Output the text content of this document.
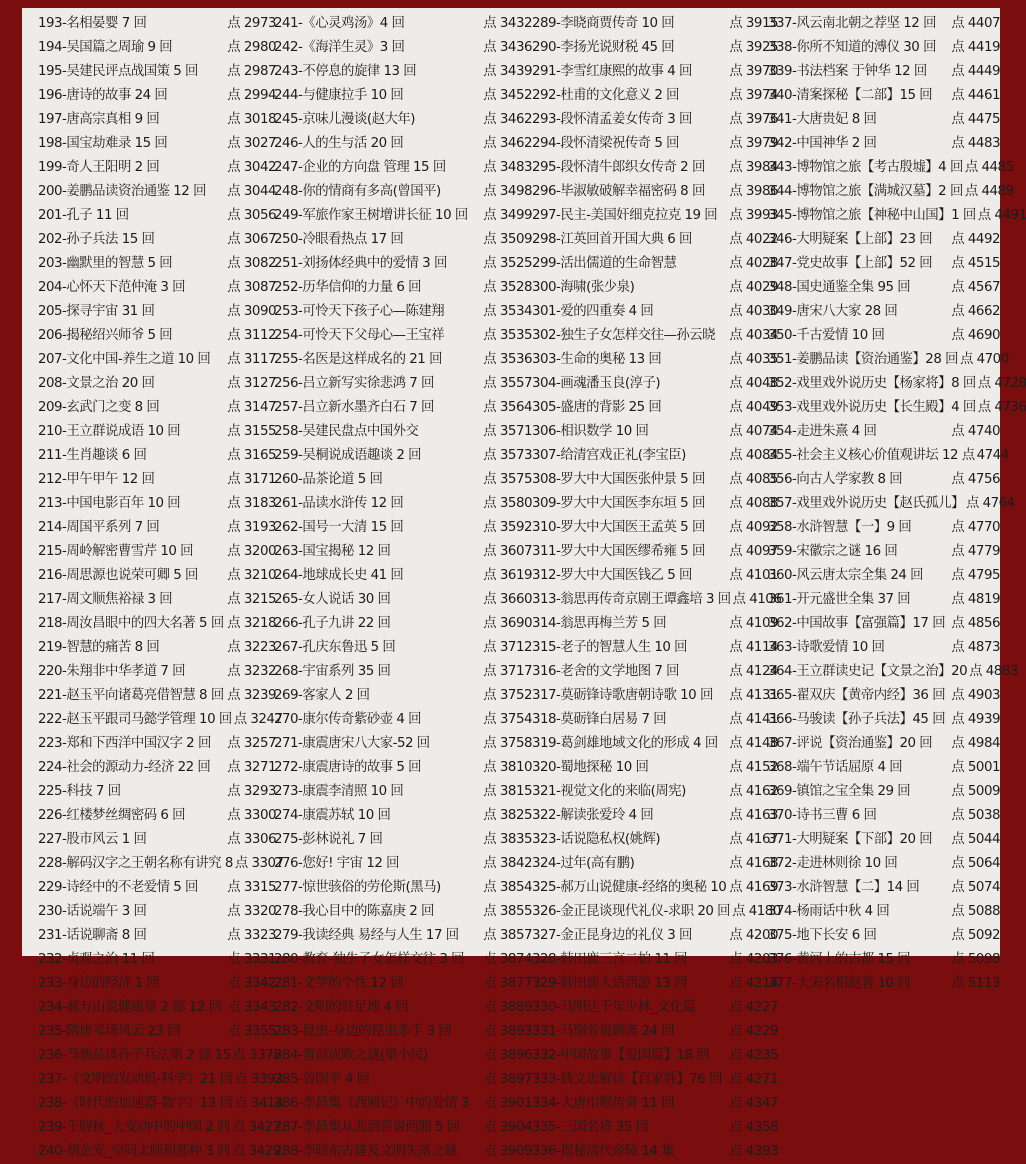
193-名相晏婴 7 回	点 2973
194-吴国篇之周瑜 9 回	点 2980
195-吴建民评点战国策 5 回 点 2987
196-唐诗的故事 24 回	点 2994
197-唐高宗真相 9 回	点 3018
198-国宝劫难录 15 回	点 3027
199-奇人王阳明 2 回	点 3042
200-姜鹏品读资治通鉴 12 回 点 3044
201-孔子 11 回	点 3056
202-孙子兵法 15 回	点 3067
203-幽默里的智慧 5 回	点 3082
204-心怀天下范仲淹 3 回	点 3087
205-探寻宇宙 31 回	点 3090
206-揭秘绍兴师爷 5 回	点 3112
207-文化中国-养生之道 10 回 点 3117
208-文景之治 20 回	点 3127
209-玄武门之变 8 回	点 3147
210-王立群说成语 10 回	点 3155
211-生肖趣谈 6 回	点 3165
212-甲午甲午 12 回	点 3171
213-中国电影百年 10 回	点 3183
214-周国平系列 7 回	点 3193
215-周岭解密曹雪芹 10 回	点 3200
216-周思源也说荣可卿 5 回 点 3210
217-周文顺焦裕禄 3 回	点 3215
218-周汝昌眼中的四大名著 5 回 点 3218
219-智慧的痛苦 8 回	点 3223
220-朱翔非中华孝道 7 回	点 3232
221-赵玉平向诸葛亮借智慧 8 回 点 3239
222-赵玉平跟司马懿学管理 10 回 点 3247
223-郑和下西洋中国汉字 2 回 点 3257
224-社会的源动力-经济 22 回 点 3271
225-科技 7 回	点 3293
226-红楼梦丝绸密码 6 回	点 3300
227-股市风云 1 回	点 3306
228-解码汉字之王朝名称有讲究 8 点 3307
229-诗经中的不老爱情 5 回 点 3315
230-话说端午 3 回	点 3320
231-话说聊斋 8 回	点 3323
232-贞观之治 11 回	点 3331
233-身边的经济 1 回	点 3342
234-郝万山说健康第 2 部 12 回 点 3343
235-隋唐考场风云 23 回	点 3355
236-马骏品读孙子兵法第 2 部 15 点 3378
237-《文明的发动机-科学》21 回 点 3393
238-《时代的加速器-数字》13 回 点 3414
239-王晓秋_大变动中的中国 2 回 点 3427
240-胡企光_空间太师和那种 3 回 点 3429
241-《心灵鸡汤》4 回	点 3432
242-《海洋生灵》3 回	点 3436
243-不停息的旋律 13 回	点 3439
244-与健康拉手 10 回	点 3452
245-京味儿漫谈(赵大年)	点 3462
246-人的生与活 20 回	点 3462
247-企业的方向盘 管理 15 回	点 3483
248-你的情商有多高(曾国平)	点 3498
249-军旅作家王树增讲长征 10 回 点 3499
250-冷眼看热点 17 回	点 3509
251-刘扬体经典中的爱情 3 回	点 3525
252-历华信仰的力量 6 回	点 3528
253-可怜天下孩子心—陈建翔	点 3534
254-可怜天下父母心—王宝祥	点 3535
255-名医是这样成名的 21 回	点 3536
256-吕立新写实徐悲鸿 7 回	点 3557
257-吕立新水墨齐白石 7 回	点 3564
258-吴建民盘点中国外交	点 3571
259-吴桐说成语趣谈 2 回	点 3573
260-品茶论道 5 回	点 3575
261-品读水浒传 12 回	点 3580
262-国号一大清 15 回	点 3592
263-国宝揭秘 12 回	点 3607
264-地球成长史 41 回	点 3619
265-女人说话 30 回	点 3660
266-孔子九讲 22 回	点 3690
267-孔庆东鲁迅 5 回	点 3712
268-宇宙系列 35 回	点 3717
269-客家人 2 回	点 3752
270-康尔传奇紫砂壶 4 回	点 3754
271-康震唐宋八大家-52 回	点 3758
272-康震唐诗的故事 5 回	点 3810
273-康震李清照 10 回	点 3815
274-康震苏轼 10 回	点 3825
275-彭林说礼 7 回	点 3835
276-您好! 宇宙 12 回	点 3842
277-惊世骇俗的劳伦斯(黑马)	点 3854
278-我心目中的陈嘉庚 2 回	点 3855
279-我读经典 易经与人生 17 回 点 3857
280-教育-独生子女怎样交往 3 回 点 3874
281-文学的个性 12 回	点 3877
282-文明的驻足地 4 回	点 3889
283-昆虫-身边的昆虫杀手 3 回 点 3893
284-晋商成败之谜(梁小民)	点 3896
285-曾国平 4 回	点 3897
286-李昌集《西厢记》中的爱情 3 点 3901
287-李昌集从悲到喜说西厢 5 回 点 3904
288-李晓东古建及文明失落之谜 点 3909
289-李晓商贾传奇 10 回	点 3915
290-李扬光说财税 45 回	点 3925
291-李雪红康熙的故事 4 回	点 3970
292-杜甫的文化意义 2 回	点 3974
293-段怀清孟姜女传奇 3 回	点 3976
294-段怀清梁祝传奇 5 回	点 3979
295-段怀清牛郎织女传奇 2 回 点 3984
296-毕淑敏破解幸福密码 8 回 点 3986
297-民主-美国奸细克拉克 19 回 点 3993
298-江英回首开国大典 6 回	点 4022
299-活出儒道的生命智慧	点 4028
300-海啸(张少泉)	点 4029
301-爱的四重奏 4 回	点 4030
302-独生子女怎样交往—孙云晓 点 4034
303-生命的奥秘 13 回	点 4035
304-画魂潘玉良(淳子)	点 4048
305-盛唐的背影 25 回	点 4049
306-相识数学 10 回	点 4074
307-给清宫戏正礼(李宝臣)	点 4084
308-罗大中大国医张仲景 5 回 点 4085
309-罗大中大国医李东垣 5 回 点 4088
310-罗大中大国医王孟英 5 回 点 4092
311-罗大中大国医缪希雍 5 回 点 4097
312-罗大中大国医钱乙 5 回	点 4101
313-翁思再传奇京剧王谭鑫培 3 回 点 4106
314-翁思再梅兰芳 5 回	点 4109
315-老子的智慧人生 10 回	点 4114
316-老舍的文学地图 7 回	点 4124
317-莫砺锋诗歌唐朝诗歌 10 回 点 4131
318-莫砺锋白居易 7 回	点 4141
319-葛剑雄地域文化的形成 4 回 点 4148
320-蜀地探秘 10 回	点 4152
321-视觉文化的来临(周宪)	点 4162
322-解读张爱玲 4 回	点 4163
323-话说隐私权(姚辉)	点 4167
324-过年(高有鹏)	点 4168
325-郝万山说健康-经络的奥秘 10 点 4169
326-金正昆谈现代礼仪-求职 20 回 点 4180
327-金正昆身边的礼仪 3 回	点 4200
328-韩田鹿三言二拍 11 回	点 4203
329-韩田鹿大话西游 13 回	点 4214
330-马明达千年少林_文化篇	点 4227
331-马瑞芳说聊斋 24 回	点 4229
332-中国故事【爱国篇】18 回 点 4235
333-钱文忠解读【百家姓】76 回 点 4271
334-大唐巾帼传奇 11 回	点 4347
335-三国名将 35 回	点 4358
336-揭秘清代帝陵 14 集	点 4393
337-风云南北朝之荐坚 12 回 点 4407
338-你所不知道的溥仪 30 回 点 4419
339-书法档案 于钟华 12 回 点 4449
340-清案探秘【二部】15 回 点 4461
341-大唐贵妃 8 回	点 4475
342-中国神华 2 回	点 4483
343-博物馆之旅【考古殷墟】4 回 点 4485
344-博物馆之旅【满城汉墓】2 回 点 4489
345-博物馆之旅【神秘中山国】1 回 点 4491
346-大明疑案【上部】23 回 点 4492
347-党史故事【上部】52 回 点 4515
348-国史通鉴全集 95 回	点 4567
349-唐宋八大家 28 回	点 4662
350-千古爱情 10 回	点 4690
351-姜鹏品读【资治通鉴】28 回 点 4700
352-戏里戏外说历史【杨家将】8 回 点 4728
353-戏里戏外说历史【长生殿】4 回 点 4736
354-走进朱熹 4 回	点 4740
355-社会主义核心价值观讲坛 12 点 4744
356-向古人学家教 8 回	点 4756
357-戏里戏外说历史【赵氏孤儿】 点 4764
358-水浒智慧【一】9 回	点 4770
359-宋徽宗之谜 16 回	点 4779
360-风云唐太宗全集 24 回 点 4795
361-开元盛世全集 37 回	点 4819
362-中国故事【富强篇】17 回 点 4856
363-诗歌爱情 10 回	点 4873
364-王立群读史记【文景之治】20 点 4883
365-翟双庆【黄帝内经】36 回 点 4903
366-马骏读【孙子兵法】45 回 点 4939
367-评说【资治通鉴】20 回 点 4984
368-端午节话屈原 4 回	点 5001
369-镇馆之宝全集 29 回	点 5009
370-诗书三曹 6 回	点 5038
371-大明疑案【下部】20 回 点 5044
372-走进林则徐 10 回	点 5064
373-水浒智慧【二】14 回 点 5074
374-杨雨话中秋 4 回	点 5088
375-地下长安 6 回	点 5092
376-黄河上的古都 15 回	点 5098
377-大宋名相赵普 10 回	点 5113
